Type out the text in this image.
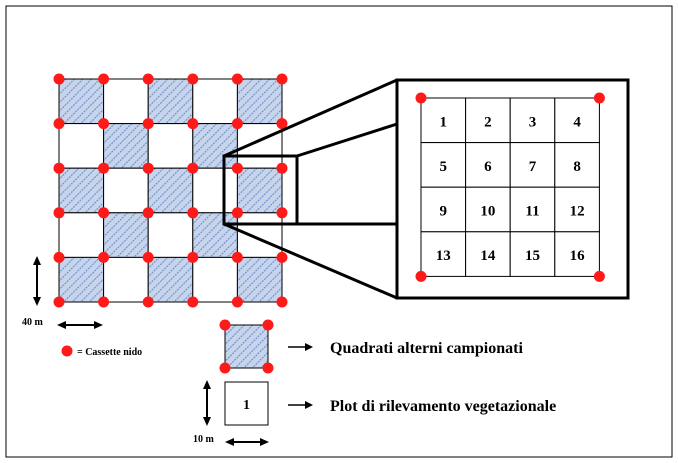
1 2 3 4
5 6 7 8
9 10 11 12
13 14 15 16
40 m
= Cassette nido	Quadrati alterni campionati
1
10 m
Plot di rilevamento vegetazionale
